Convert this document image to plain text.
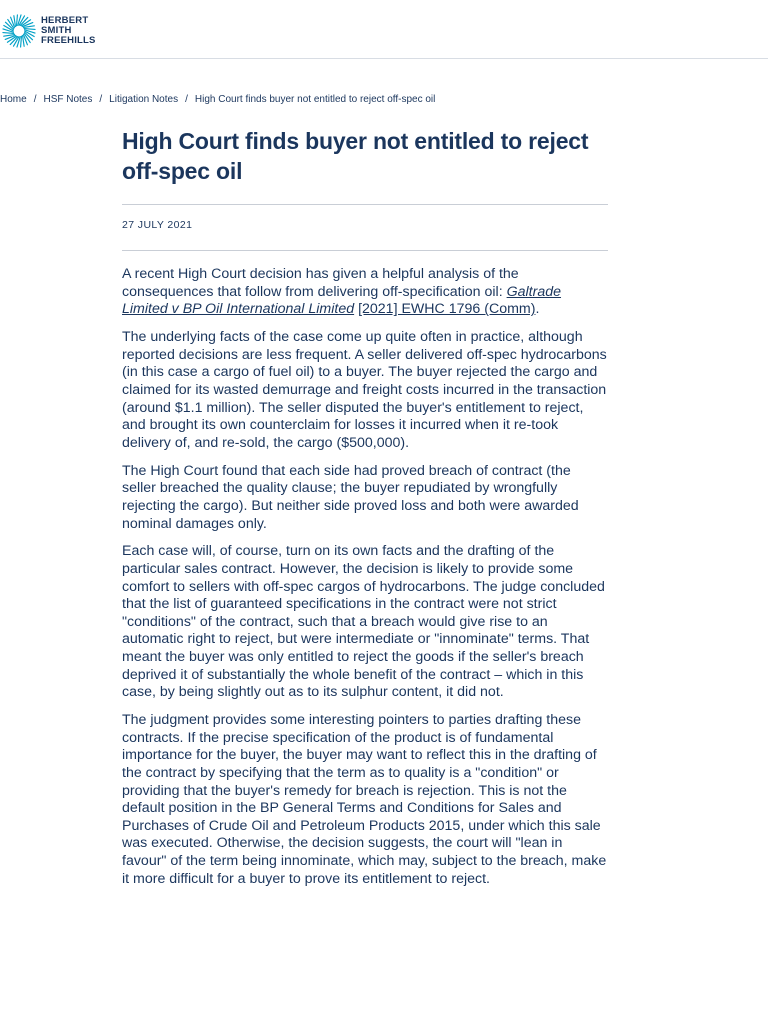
HERBERT
SMITH
FREEHILLS
Home / HSF Notes / Litigation Notes / High Court finds buyer not entitled to reject off-spec oil
High Court finds buyer not entitled to reject off-spec oil
27 JULY 2021

A recent High Court decision has given a helpful analysis of the consequences that follow from delivering off-specification oil: Galtrade Limited v BP Oil International Limited [2021] EWHC 1796 (Comm).

The underlying facts of the case come up quite often in practice, although reported decisions are less frequent. A seller delivered off-spec hydrocarbons (in this case a cargo of fuel oil) to a buyer. The buyer rejected the cargo and claimed for its wasted demurrage and freight costs incurred in the transaction (around $1.1 million). The seller disputed the buyer's entitlement to reject, and brought its own counterclaim for losses it incurred when it re-took delivery of, and re-sold, the cargo ($500,000).

The High Court found that each side had proved breach of contract (the seller breached the quality clause; the buyer repudiated by wrongfully rejecting the cargo). But neither side proved loss and both were awarded nominal damages only.

Each case will, of course, turn on its own facts and the drafting of the particular sales contract. However, the decision is likely to provide some comfort to sellers with off-spec cargos of hydrocarbons. The judge concluded that the list of guaranteed specifications in the contract were not strict "conditions" of the contract, such that a breach would give rise to an automatic right to reject, but were intermediate or "innominate" terms. That meant the buyer was only entitled to reject the goods if the seller's breach deprived it of substantially the whole benefit of the contract – which in this case, by being slightly out as to its sulphur content, it did not.

The judgment provides some interesting pointers to parties drafting these contracts. If the precise specification of the product is of fundamental importance for the buyer, the buyer may want to reflect this in the drafting of the contract by specifying that the term as to quality is a "condition" or providing that the buyer's remedy for breach is rejection. This is not the default position in the BP General Terms and Conditions for Sales and Purchases of Crude Oil and Petroleum Products 2015, under which this sale was executed. Otherwise, the decision suggests, the court will "lean in favour" of the term being innominate, which may, subject to the breach, make it more difficult for a buyer to prove its entitlement to reject.
